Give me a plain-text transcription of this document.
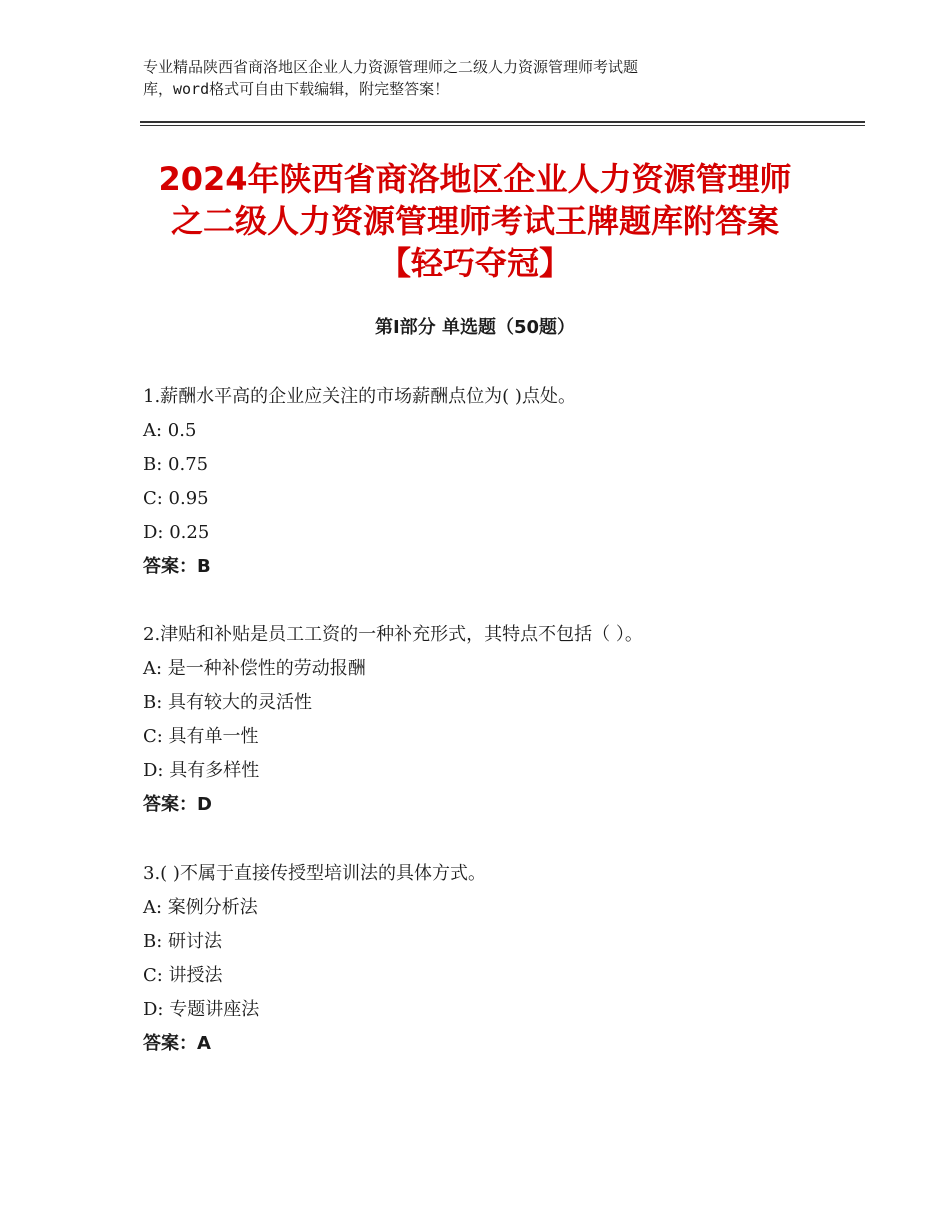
专业精品陕西省商洛地区企业人力资源管理师之二级人力资源管理师考试题
库，word格式可自由下载编辑，附完整答案！
2024年陕西省商洛地区企业人力资源管理师
之二级人力资源管理师考试王牌题库附答案
【轻巧夺冠】
第Ⅰ部分 单选题（50题）
1.薪酬水平高的企业应关注的市场薪酬点位为( )点处。
A: 0.5
B: 0.75
C: 0.95
D: 0.25
答案：B
2.津贴和补贴是员工工资的一种补充形式，其特点不包括（ ）。
A: 是一种补偿性的劳动报酬
B: 具有较大的灵活性
C: 具有单一性
D: 具有多样性
答案：D
3.( )不属于直接传授型培训法的具体方式。
A: 案例分析法
B: 研讨法
C: 讲授法
D: 专题讲座法
答案：A
